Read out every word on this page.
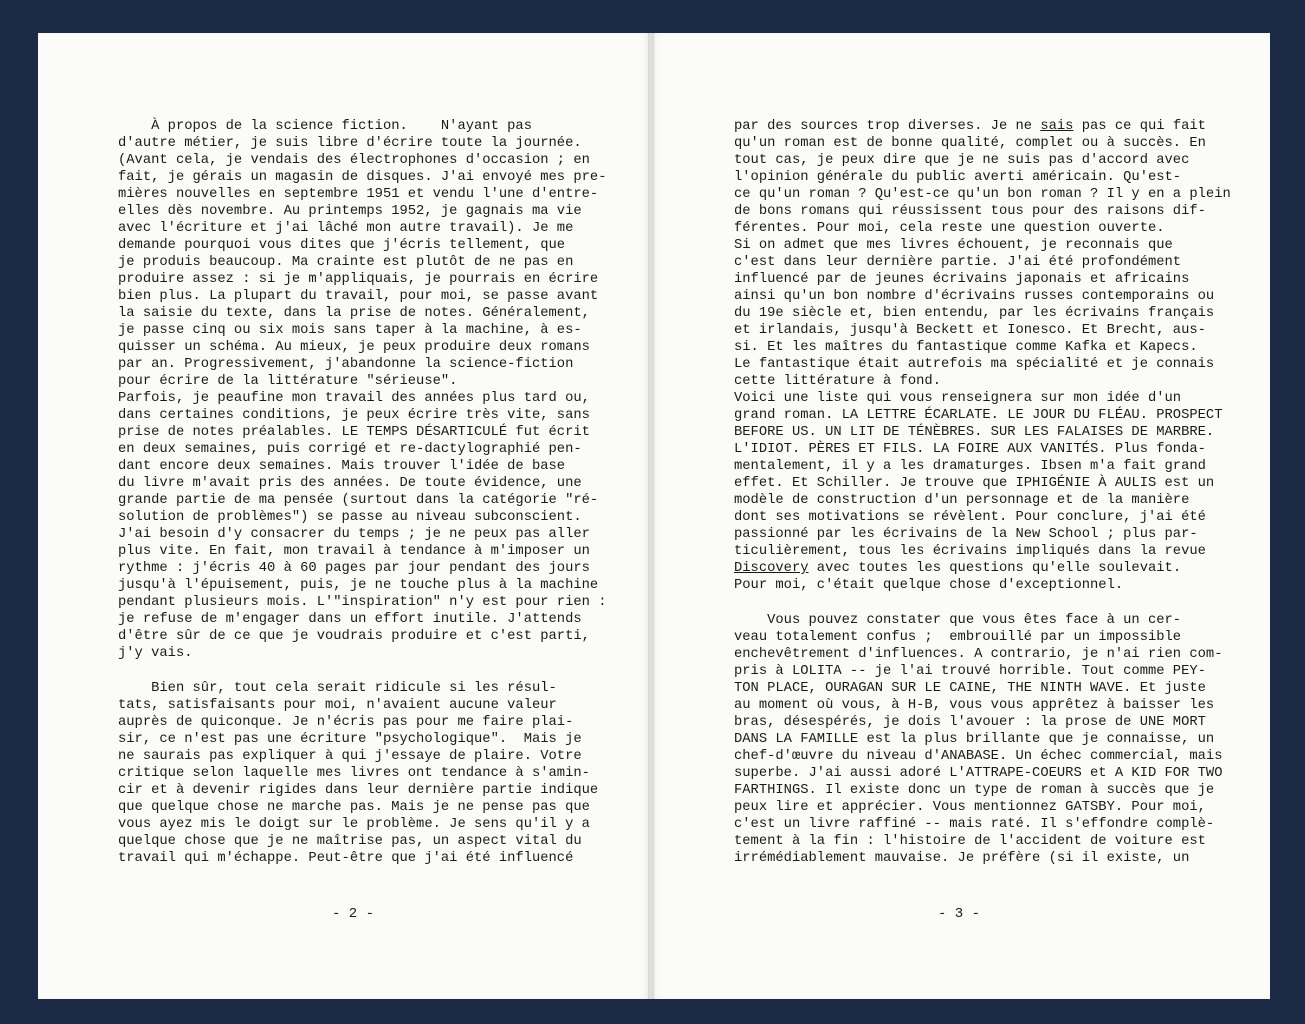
À propos de la science fiction.    N'ayant pas
d'autre métier, je suis libre d'écrire toute la journée.
(Avant cela, je vendais des électrophones d'occasion ; en
fait, je gérais un magasin de disques. J'ai envoyé mes pre-
mières nouvelles en septembre 1951 et vendu l'une d'entre-
elles dès novembre. Au printemps 1952, je gagnais ma vie
avec l'écriture et j'ai lâché mon autre travail). Je me
demande pourquoi vous dites que j'écris tellement, que
je produis beaucoup. Ma crainte est plutôt de ne pas en
produire assez : si je m'appliquais, je pourrais en écrire
bien plus. La plupart du travail, pour moi, se passe avant
la saisie du texte, dans la prise de notes. Généralement,
je passe cinq ou six mois sans taper à la machine, à es-
quisser un schéma. Au mieux, je peux produire deux romans
par an. Progressivement, j'abandonne la science-fiction
pour écrire de la littérature "sérieuse".
Parfois, je peaufine mon travail des années plus tard ou,
dans certaines conditions, je peux écrire très vite, sans
prise de notes préalables. LE TEMPS DÉSARTICULÉ fut écrit
en deux semaines, puis corrigé et re-dactylographié pen-
dant encore deux semaines. Mais trouver l'idée de base
du livre m'avait pris des années. De toute évidence, une
grande partie de ma pensée (surtout dans la catégorie "ré-
solution de problèmes") se passe au niveau subconscient.
J'ai besoin d'y consacrer du temps ; je ne peux pas aller
plus vite. En fait, mon travail à tendance à m'imposer un
rythme : j'écris 40 à 60 pages par jour pendant des jours
jusqu'à l'épuisement, puis, je ne touche plus à la machine
pendant plusieurs mois. L'"inspiration" n'y est pour rien :
je refuse de m'engager dans un effort inutile. J'attends
d'être sûr de ce que je voudrais produire et c'est parti,
j'y vais.
Bien sûr, tout cela serait ridicule si les résul-
tats, satisfaisants pour moi, n'avaient aucune valeur
auprès de quiconque. Je n'écris pas pour me faire plai-
sir, ce n'est pas une écriture "psychologique".  Mais je
ne saurais pas expliquer à qui j'essaye de plaire. Votre
critique selon laquelle mes livres ont tendance à s'amin-
cir et à devenir rigides dans leur dernière partie indique
que quelque chose ne marche pas. Mais je ne pense pas que
vous ayez mis le doigt sur le problème. Je sens qu'il y a
quelque chose que je ne maîtrise pas, un aspect vital du
travail qui m'échappe. Peut-être que j'ai été influencé
par des sources trop diverses. Je ne sais pas ce qui fait
qu'un roman est de bonne qualité, complet ou à succès. En
tout cas, je peux dire que je ne suis pas d'accord avec
l'opinion générale du public averti américain. Qu'est-
ce qu'un roman ? Qu'est-ce qu'un bon roman ? Il y en a plein
de bons romans qui réussissent tous pour des raisons dif-
férentes. Pour moi, cela reste une question ouverte.
Si on admet que mes livres échouent, je reconnais que
c'est dans leur dernière partie. J'ai été profondément
influencé par de jeunes écrivains japonais et africains
ainsi qu'un bon nombre d'écrivains russes contemporains ou
du 19e siècle et, bien entendu, par les écrivains français
et irlandais, jusqu'à Beckett et Ionesco. Et Brecht, aus-
si. Et les maîtres du fantastique comme Kafka et Kapecs.
Le fantastique était autrefois ma spécialité et je connais
cette littérature à fond.
Voici une liste qui vous renseignera sur mon idée d'un
grand roman. LA LETTRE ÉCARLATE. LE JOUR DU FLÉAU. PROSPECT
BEFORE US. UN LIT DE TÉNÈBRES. SUR LES FALAISES DE MARBRE.
L'IDIOT. PÈRES ET FILS. LA FOIRE AUX VANITÉS. Plus fonda-
mentalement, il y a les dramaturges. Ibsen m'a fait grand
effet. Et Schiller. Je trouve que IPHIGÉNIE À AULIS est un
modèle de construction d'un personnage et de la manière
dont ses motivations se révèlent. Pour conclure, j'ai été
passionné par les écrivains de la New School ; plus par-
ticulièrement, tous les écrivains impliqués dans la revue
Discovery avec toutes les questions qu'elle soulevait.
Pour moi, c'était quelque chose d'exceptionnel.
Vous pouvez constater que vous êtes face à un cer-
veau totalement confus ;  embrouillé par un impossible
enchevêtrement d'influences. A contrario, je n'ai rien com-
pris à LOLITA -- je l'ai trouvé horrible. Tout comme PEY-
TON PLACE, OURAGAN SUR LE CAINE, THE NINTH WAVE. Et juste
au moment où vous, à H-B, vous vous apprêtez à baisser les
bras, désespérés, je dois l'avouer : la prose de UNE MORT
DANS LA FAMILLE est la plus brillante que je connaisse, un
chef-d'œuvre du niveau d'ANABASE. Un échec commercial, mais
superbe. J'ai aussi adoré L'ATTRAPE-COEURS et A KID FOR TWO
FARTHINGS. Il existe donc un type de roman à succès que je
peux lire et apprécier. Vous mentionnez GATSBY. Pour moi,
c'est un livre raffiné -- mais raté. Il s'effondre complè-
tement à la fin : l'histoire de l'accident de voiture est
irrémédiablement mauvaise. Je préfère (si il existe, un
- 2 -	- 3 -
